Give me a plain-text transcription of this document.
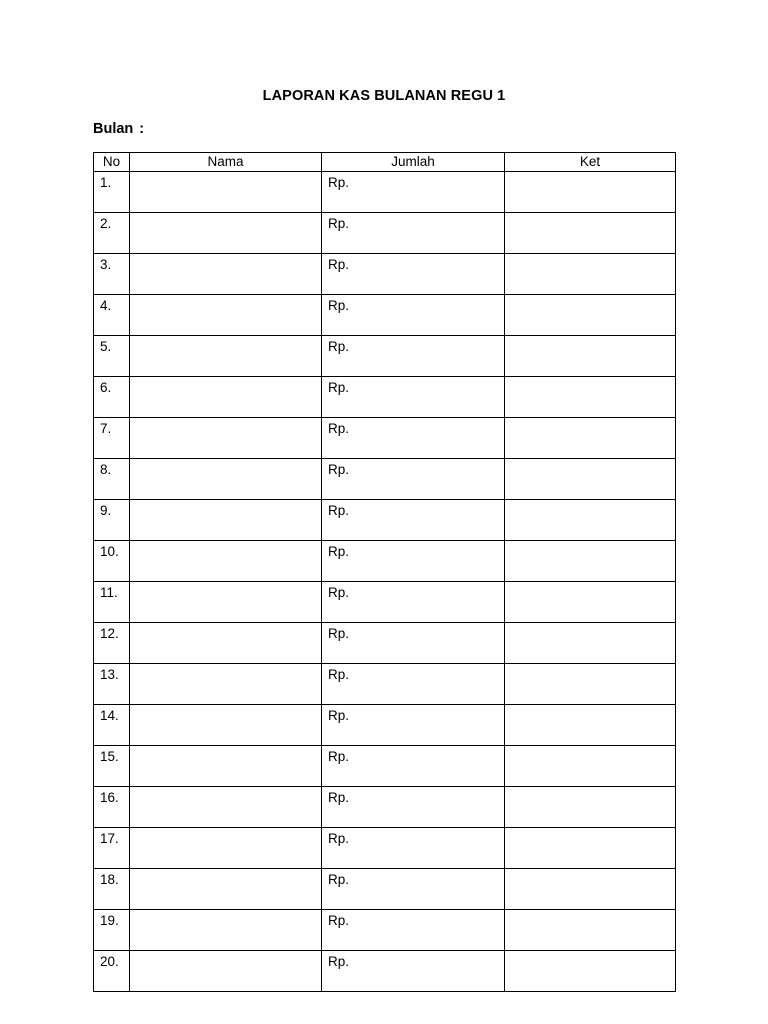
LAPORAN KAS BULANAN REGU 1
Bulan :
No	Nama	Jumlah	Ket
1.		Rp.	
2.		Rp.	
3.		Rp.	
4.		Rp.	
5.		Rp.	
6.		Rp.	
7.		Rp.	
8.		Rp.	
9.		Rp.	
10.		Rp.	
11.		Rp.	
12.		Rp.	
13.		Rp.	
14.		Rp.	
15.		Rp.	
16.		Rp.	
17.		Rp.	
18.		Rp.	
19.		Rp.	
20.		Rp.	
